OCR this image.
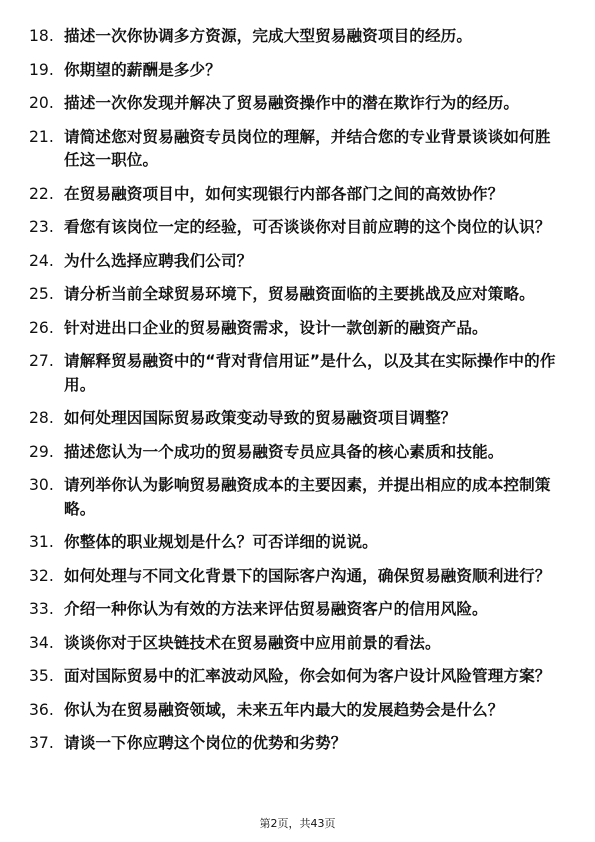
18. 描述一次你协调多方资源，完成大型贸易融资项目的经历。
19. 你期望的薪酬是多少？
20. 描述一次你发现并解决了贸易融资操作中的潜在欺诈行为的经历。
21. 请简述您对贸易融资专员岗位的理解，并结合您的专业背景谈谈如何胜任这一职位。
22. 在贸易融资项目中，如何实现银行内部各部门之间的高效协作？
23. 看您有该岗位一定的经验，可否谈谈你对目前应聘的这个岗位的认识？
24. 为什么选择应聘我们公司？
25. 请分析当前全球贸易环境下，贸易融资面临的主要挑战及应对策略。
26. 针对进出口企业的贸易融资需求，设计一款创新的融资产品。
27. 请解释贸易融资中的“背对背信用证”是什么，以及其在实际操作中的作用。
28. 如何处理因国际贸易政策变动导致的贸易融资项目调整？
29. 描述您认为一个成功的贸易融资专员应具备的核心素质和技能。
30. 请列举你认为影响贸易融资成本的主要因素，并提出相应的成本控制策略。
31. 你整体的职业规划是什么？可否详细的说说。
32. 如何处理与不同文化背景下的国际客户沟通，确保贸易融资顺利进行？
33. 介绍一种你认为有效的方法来评估贸易融资客户的信用风险。
34. 谈谈你对于区块链技术在贸易融资中应用前景的看法。
35. 面对国际贸易中的汇率波动风险，你会如何为客户设计风险管理方案？
36. 你认为在贸易融资领域，未来五年内最大的发展趋势会是什么？
37. 请谈一下你应聘这个岗位的优势和劣势？
第2页，共43页
